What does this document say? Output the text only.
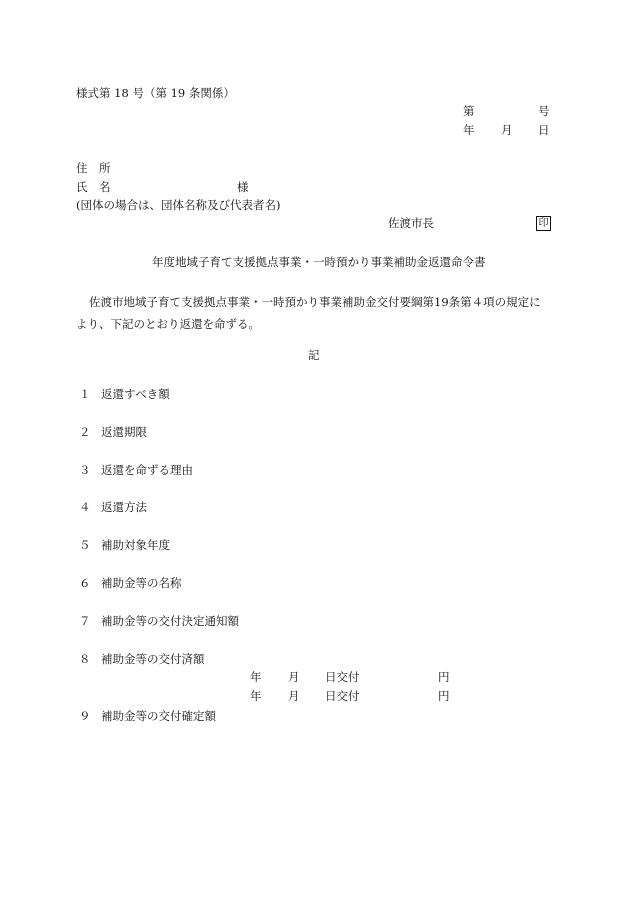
様式第 18 号（第 19 条関係）
第	号
年 月 日
住　所
氏　名	様
(団体の場合は、団体名称及び代表者名)
佐渡市長	印
年度地域子育て支援拠点事業・一時預かり事業補助金返還命令書
佐渡市地域子育て支援拠点事業・一時預かり事業補助金交付要綱第19条第４項の規定により、下記のとおり返還を命ずる。
記
１ 返還すべき額
２ 返還期限
３ 返還を命ずる理由
４ 返還方法
５ 補助対象年度
６ 補助金等の名称
７ 補助金等の交付決定通知額
８ 補助金等の交付済額
年 月 日交付	円
年 月 日交付	円
９ 補助金等の交付確定額
